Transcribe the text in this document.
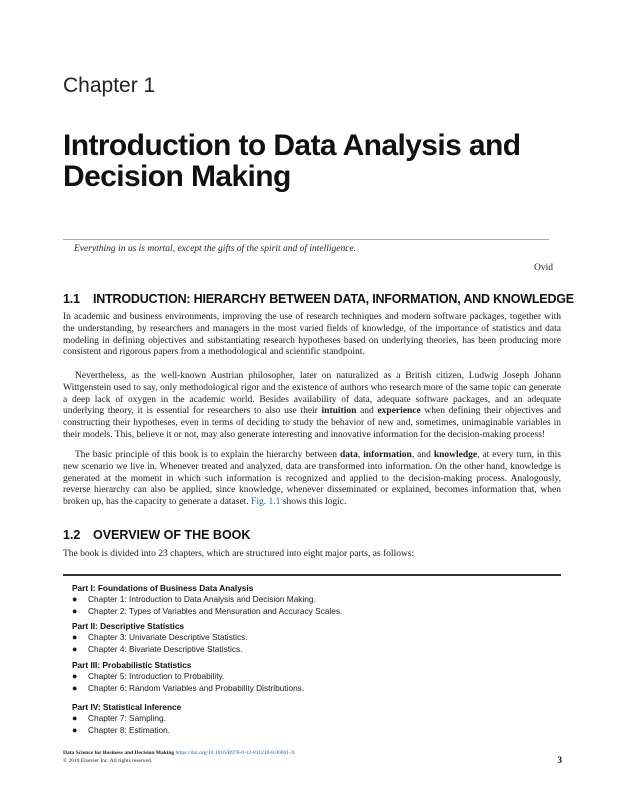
Chapter 1
Introduction to Data Analysis and Decision Making
Everything in us is mortal, except the gifts of the spirit and of intelligence.
Ovid
1.1 INTRODUCTION: HIERARCHY BETWEEN DATA, INFORMATION, AND KNOWLEDGE

In academic and business environments, improving the use of research techniques and modern software packages, together with the understanding, by researchers and managers in the most varied fields of knowledge, of the importance of statistics and data modeling in defining objectives and substantiating research hypotheses based on underlying theories, has been producing more consistent and rigorous papers from a methodological and scientific standpoint.

Nevertheless, as the well-known Austrian philosopher, later on naturalized as a British citizen, Ludwig Joseph Johann Wittgenstein used to say, only methodological rigor and the existence of authors who research more of the same topic can generate a deep lack of oxygen in the academic world. Besides availability of data, adequate software packages, and an adequate underlying theory, it is essential for researchers to also use their intuition and experience when defining their objectives and constructing their hypotheses, even in terms of deciding to study the behavior of new and, sometimes, unimaginable variables in their models. This, believe it or not, may also generate interesting and innovative information for the decision-making process!

The basic principle of this book is to explain the hierarchy between data, information, and knowledge, at every turn, in this new scenario we live in. Whenever treated and analyzed, data are transformed into information. On the other hand, knowledge is generated at the moment in which such information is recognized and applied to the decision-making process. Analogously, reverse hierarchy can also be applied, since knowledge, whenever disseminated or explained, becomes information that, when broken up, has the capacity to generate a dataset. Fig. 1.1 shows this logic.

1.2 OVERVIEW OF THE BOOK

The book is divided into 23 chapters, which are structured into eight major parts, as follows:

Part I: Foundations of Business Data Analysis
● Chapter 1: Introduction to Data Analysis and Decision Making.
● Chapter 2: Types of Variables and Mensuration and Accuracy Scales.
Part II: Descriptive Statistics
● Chapter 3: Univariate Descriptive Statistics.
● Chapter 4: Bivariate Descriptive Statistics.
Part III: Probabilistic Statistics
● Chapter 5: Introduction to Probability.
● Chapter 6: Random Variables and Probability Distributions.
Part IV: Statistical Inference
● Chapter 7: Sampling.
● Chapter 8: Estimation.
Data Science for Business and Decision Making https://doi.org/10.1016/B978-0-12-811216-8.00001-X
© 2019 Elsevier Inc. All rights reserved.	3
